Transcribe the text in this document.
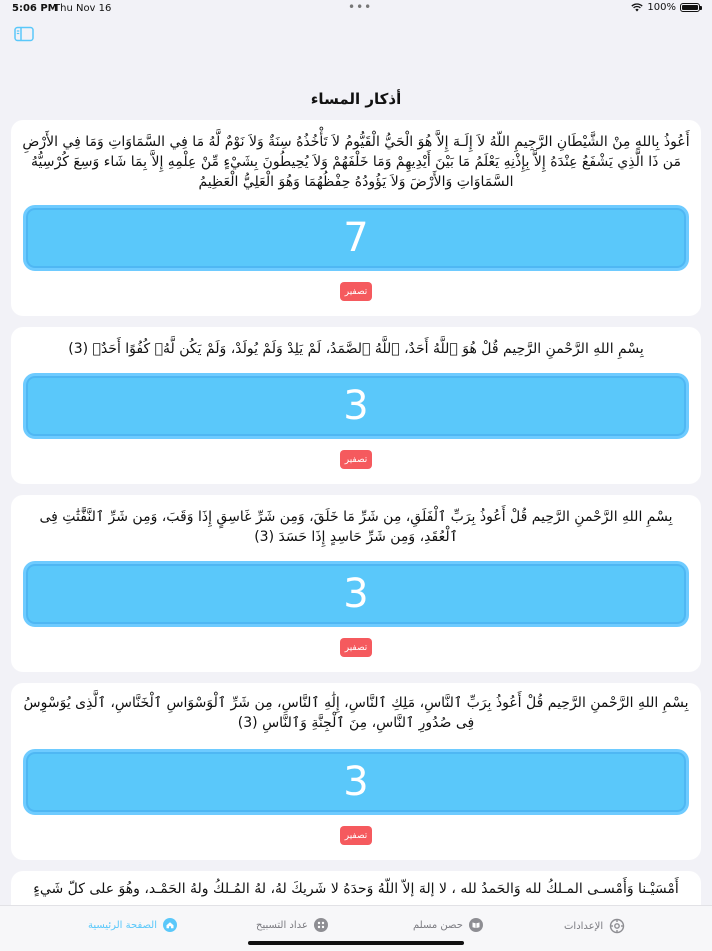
5:06 PM
Thu Nov 16	•••	100%
أذكار المساء
أَعُوذُ بِاللهِ مِنْ الشَّيْطَانِ الرَّجِيمِ اللّهُ لاَ إِلَـهَ إِلاَّ هُوَ الْحَيُّ الْقَيُّومُ لاَ تَأْخُذُهُ سِنَةٌ وَلاَ نَوْمٌ لَّهُ مَا فِي السَّمَاوَاتِ وَمَا فِي الأَرْضِ مَن ذَا الَّذِي يَشْفَعُ عِنْدَهُ إِلاَّ بِإِذْنِهِ يَعْلَمُ مَا بَيْنَ أَيْدِيهِمْ وَمَا خَلْفَهُمْ وَلاَ يُحِيطُونَ بِشَيْءٍ مِّنْ عِلْمِهِ إِلاَّ بِمَا شَاء وَسِعَ كُرْسِيُّهُ السَّمَاوَاتِ وَالأَرْضَ وَلاَ يَؤُودُهُ حِفْظُهُمَا وَهُوَ الْعَلِيُّ الْعَظِيمُ
7
تصفير
بِسْمِ اللهِ الرَّحْمنِ الرَّحِيم قُلْ هُوَ ٱللَّهُ أَحَدٌ، ٱللَّهُ ٱلصَّمَدُ، لَمْ يَلِدْ وَلَمْ يُولَدْ، وَلَمْ يَكُن لَّهُۥ كُفُوًا أَحَدٌۢ (3)
3
تصفير
بِسْمِ اللهِ الرَّحْمنِ الرَّحِيم قُلْ أَعُوذُ بِرَبِّ ٱلْفَلَقِ، مِن شَرِّ مَا خَلَقَ، وَمِن شَرِّ غَاسِقٍ إِذَا وَقَبَ، وَمِن شَرِّ ٱلنَّفَّٰثَٰتِ فِى ٱلْعُقَدِ، وَمِن شَرِّ حَاسِدٍ إِذَا حَسَدَ (3)
3
تصفير
بِسْمِ اللهِ الرَّحْمنِ الرَّحِيم قُلْ أَعُوذُ بِرَبِّ ٱلنَّاسِ، مَلِكِ ٱلنَّاسِ، إِلَٰهِ ٱلنَّاسِ، مِن شَرِّ ٱلْوَسْوَاسِ ٱلْخَنَّاسِ، ٱلَّذِى يُوَسْوِسُ فِى صُدُورِ ٱلنَّاسِ، مِنَ ٱلْجِنَّةِ وَٱلنَّاسِ (3)
3
تصفير
أَمْسَيْـنا وَأَمْسـى المـلكُ لله وَالحَمدُ لله ، لا إلهَ إلاّ اللّهُ وَحدَهُ لا شَريكَ لهُ، لهُ المُـلكُ ولهُ الحَمْـد، وهُوَ على كلّ شَيءٍ
الصفحة الرئيسية	عداد التسبيح	حصن مسلم	الإعدادات
